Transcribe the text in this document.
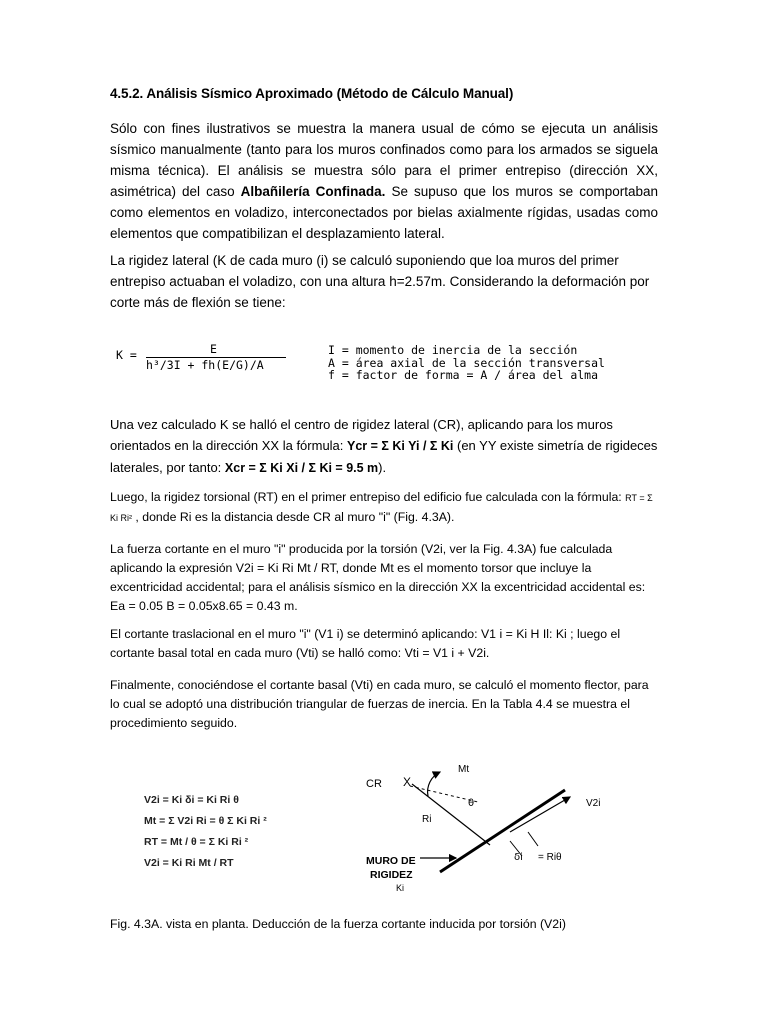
4.5.2. Análisis Sísmico Aproximado (Método de Cálculo Manual)
Sólo con fines ilustrativos se muestra la manera usual de cómo se ejecuta un análisis sísmico manualmente (tanto para los muros confinados como para los armados se siguela misma técnica). El análisis se muestra sólo para el primer entrepiso (dirección XX, asimétrica) del caso Albañilería Confinada. Se supuso que los muros se comportaban como elementos en voladizo, interconectados por bielas axialmente rígidas, usadas como elementos que compatibilizan el desplazamiento lateral.
La rigidez lateral (K de cada muro (i) se calculó suponiendo que loa muros del primer entrepiso actuaban el voladizo, con una altura h=2.57m. Considerando la deformación por corte más de flexión se tiene:
K =	E
h³/3I + fh(E/G)/A
I = momento de inercia de la sección
A = área axial de la sección transversal
f = factor de forma = A / área del alma
Una vez calculado K se halló el centro de rigidez lateral (CR), aplicando para los muros orientados en la dirección XX la fórmula: Ycr = Σ Ki Yi / Σ Ki (en YY existe simetría de rigideces laterales, por tanto: Xcr = Σ Ki Xi / Σ Ki = 9.5 m).
Luego, la rigidez torsional (RT) en el primer entrepiso del edificio fue calculada con la fórmula: RT = Σ Ki Ri² , donde Ri es la distancia desde CR al muro "i" (Fig. 4.3A).
La fuerza cortante en el muro "i" producida por la torsión (V2i, ver la Fig. 4.3A) fue calculada aplicando la expresión V2i = Ki Ri Mt / RT, donde Mt es el momento torsor que incluye la excentricidad accidental; para el análisis sísmico en la dirección XX la excentricidad accidental es: Ea = 0.05 B = 0.05x8.65 = 0.43 m.
El cortante traslacional en el muro "i" (V1 i) se determinó aplicando: V1 i = Ki H Il: Ki ; luego el cortante basal total en cada muro (Vti) se halló como: Vti = V1 i + V2i.
Finalmente, conociéndose el cortante basal (Vti) en cada muro, se calculó el momento flector, para lo cual se adoptó una distribución triangular de fuerzas de inercia. En la Tabla 4.4 se muestra el procedimiento seguido.
V2i = Ki δi = Ki Ri θ
Mt = Σ V2i Ri = θ Σ Ki Ri ²
RT = Mt / θ = Σ Ki Ri ²
V2i = Ki Ri Mt / RT
CR X
Mt
θ	V2i
Ri
MURO DE
RIGIDEZ
Ki
δi = Riθ
Fig. 4.3A. vista en planta. Deducción de la fuerza cortante inducida por torsión (V2i)
